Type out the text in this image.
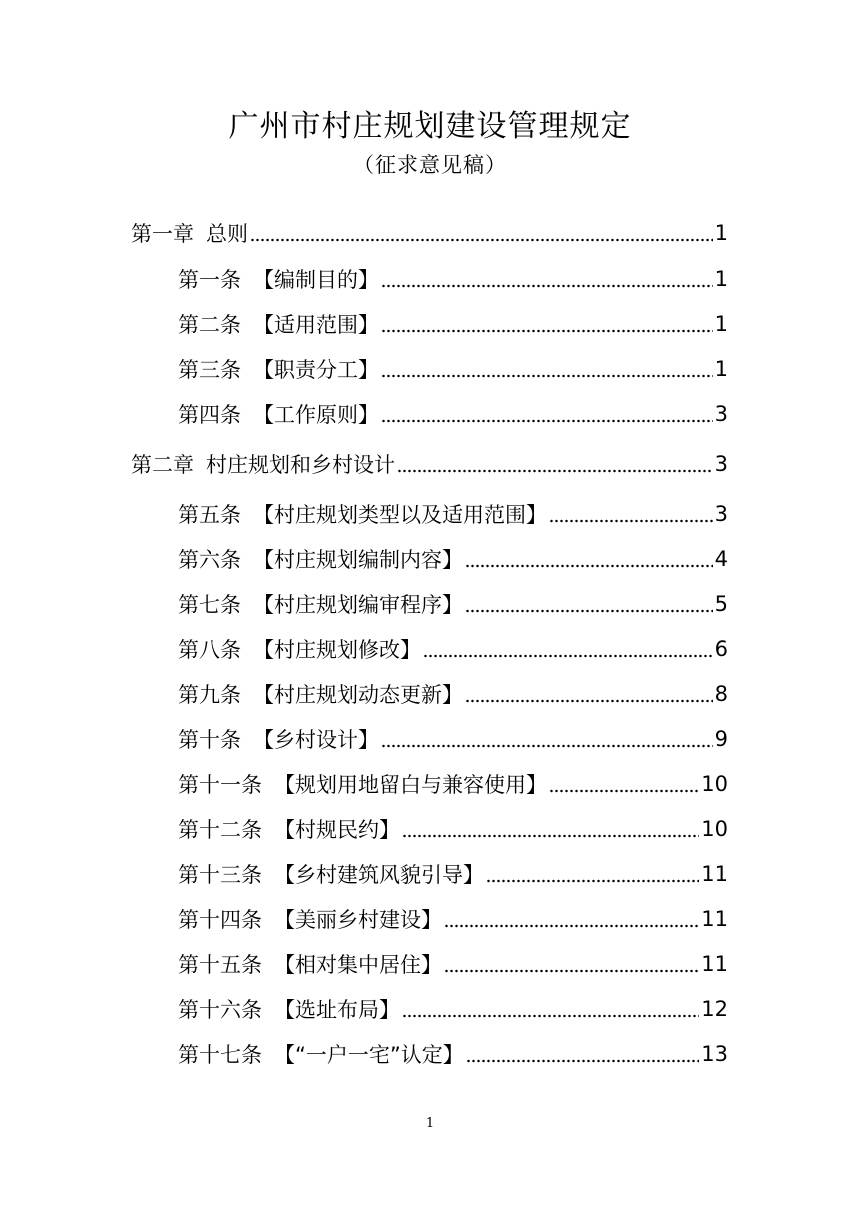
广州市村庄规划建设管理规定
（征求意见稿）
第一章 总则	1
第一条 【编制目的】	1
第二条 【适用范围】	1
第三条 【职责分工】	1
第四条 【工作原则】	3
第二章 村庄规划和乡村设计	3
第五条 【村庄规划类型以及适用范围】	3
第六条 【村庄规划编制内容】	4
第七条 【村庄规划编审程序】	5
第八条 【村庄规划修改】	6
第九条 【村庄规划动态更新】	8
第十条 【乡村设计】	9
第十一条 【规划用地留白与兼容使用】	10
第十二条 【村规民约】	10
第十三条 【乡村建筑风貌引导】	11
第十四条 【美丽乡村建设】	11
第十五条 【相对集中居住】	11
第十六条 【选址布局】	12
第十七条 【“一户一宅”认定】	13
1
